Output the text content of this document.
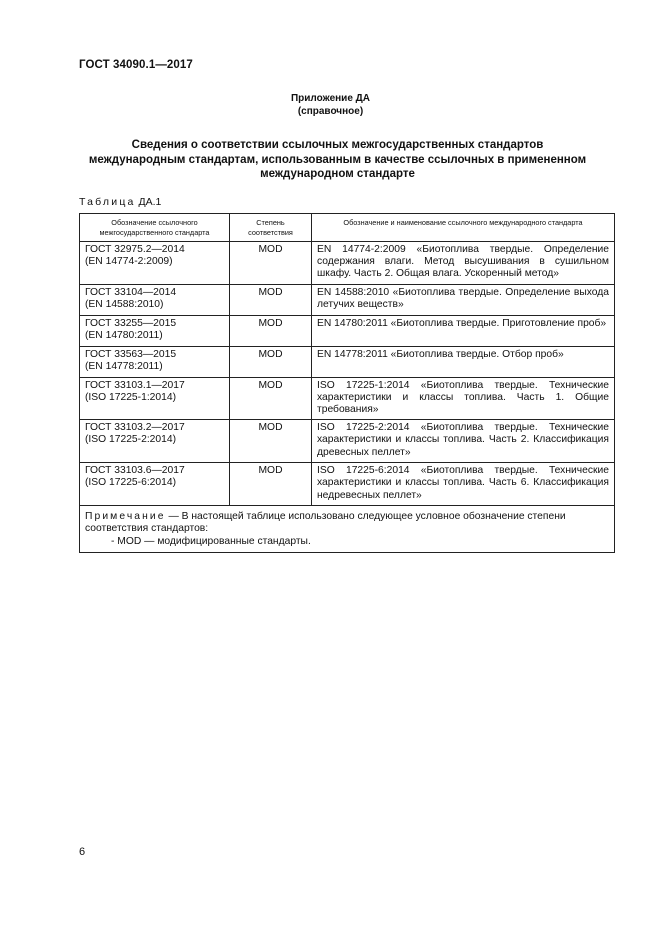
ГОСТ 34090.1—2017
Приложение ДА
(справочное)
Сведения о соответствии ссылочных межгосударственных стандартов международным стандартам, использованным в качестве ссылочных в примененном международном стандарте
Таблица ДА.1
Обозначение ссылочного межгосударственного стандарта	Степень соответствия	Обозначение и наименование ссылочного международного стандарта

ГОСТ 32975.2—2014
(EN 14774-2:2009)	MOD	EN 14774-2:2009 «Биотоплива твердые. Определение содержания влаги. Метод высушивания в сушильном шкафу. Часть 2. Общая влага. Ускоренный метод»

ГОСТ 33104—2014
(EN 14588:2010)	MOD	EN 14588:2010 «Биотоплива твердые. Определение выхода летучих веществ»

ГОСТ 33255—2015
(EN 14780:2011)	MOD	EN 14780:2011 «Биотопливa твердые. Приготовление проб»

ГОСТ 33563—2015
(EN 14778:2011)	MOD	EN 14778:2011 «Биотоплива твердые. Отбор проб»

ГОСТ 33103.1—2017
(ISO 17225-1:2014)	MOD	ISO 17225-1:2014 «Биотоплива твердые. Технические характеристики и классы топлива. Часть 1. Общие требования»

ГОСТ 33103.2—2017
(ISO 17225-2:2014)	MOD	ISO 17225-2:2014 «Биотоплива твердые. Технические характеристики и классы топлива. Часть 2. Классификация древесных пеллет»

ГОСТ 33103.6—2017
(ISO 17225-6:2014)	MOD	ISO 17225-6:2014 «Биотоплива твердые. Технические характеристики и классы топлива. Часть 6. Классификация недревесных пеллет»

Примечание — В настоящей таблице использовано следующее условное обозначение степени соответствия стандартов:
- MOD — модифицированные стандарты.		
6
